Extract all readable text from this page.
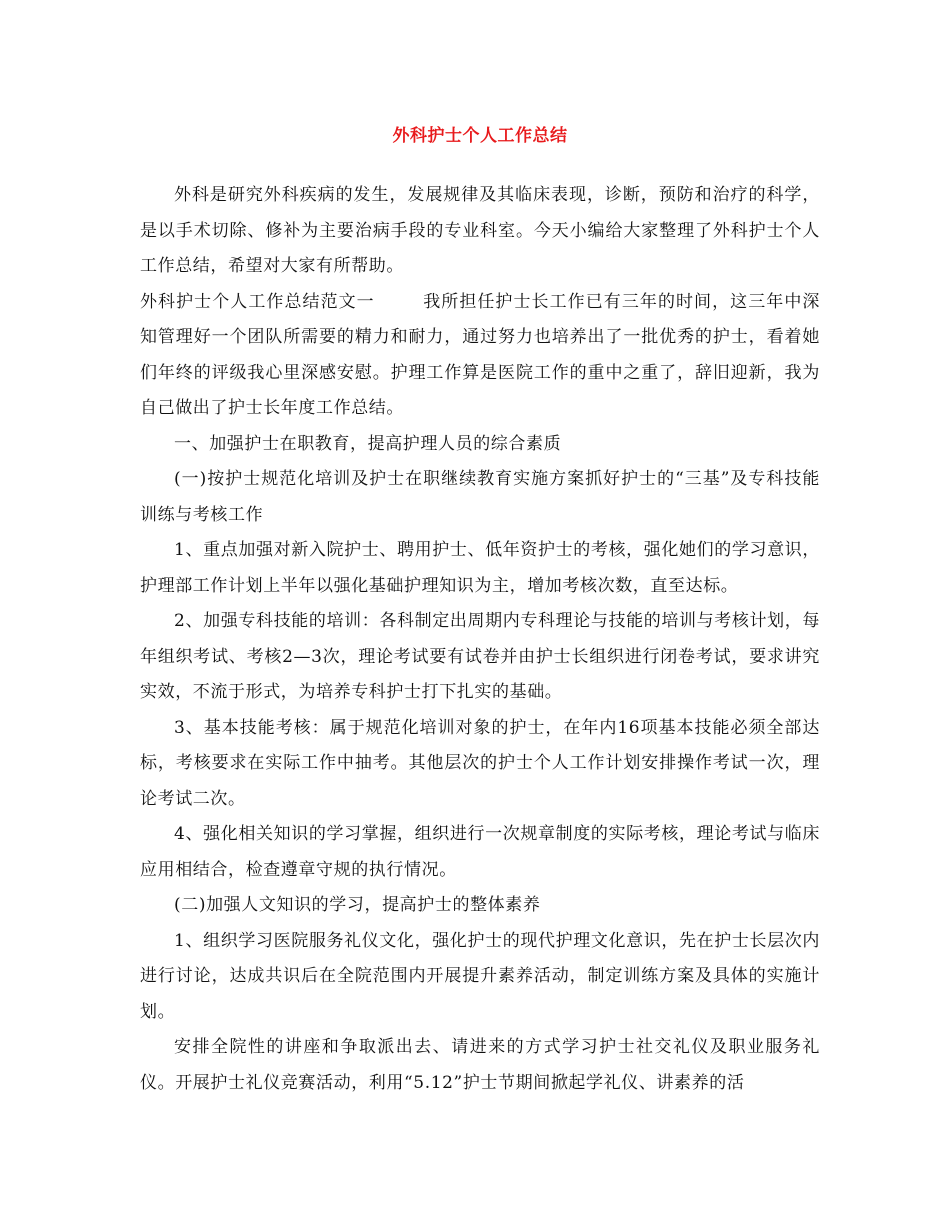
外科护士个人工作总结

外科是研究外科疾病的发生，发展规律及其临床表现，诊断，预防和治疗的科学，是以手术切除、修补为主要治病手段的专业科室。今天小编给大家整理了外科护士个人工作总结，希望对大家有所帮助。

外科护士个人工作总结范文一	我所担任护士长工作已有三年的时间，这三年中深知管理好一个团队所需要的精力和耐力，通过努力也培养出了一批优秀的护士，看着她们年终的评级我心里深感安慰。护理工作算是医院工作的重中之重了，辞旧迎新，我为自己做出了护士长年度工作总结。

一、加强护士在职教育，提高护理人员的综合素质

(一)按护士规范化培训及护士在职继续教育实施方案抓好护士的“三基”及专科技能训练与考核工作

1、重点加强对新入院护士、聘用护士、低年资护士的考核，强化她们的学习意识，护理部工作计划上半年以强化基础护理知识为主，增加考核次数，直至达标。

2、加强专科技能的培训：各科制定出周期内专科理论与技能的培训与考核计划，每年组织考试、考核2—3次，理论考试要有试卷并由护士长组织进行闭卷考试，要求讲究实效，不流于形式，为培养专科护士打下扎实的基础。

3、基本技能考核：属于规范化培训对象的护士，在年内16项基本技能必须全部达标，考核要求在实际工作中抽考。其他层次的护士个人工作计划安排操作考试一次，理论考试二次。

4、强化相关知识的学习掌握，组织进行一次规章制度的实际考核，理论考试与临床应用相结合，检查遵章守规的执行情况。

(二)加强人文知识的学习，提高护士的整体素养

1、组织学习医院服务礼仪文化，强化护士的现代护理文化意识，先在护士长层次内进行讨论，达成共识后在全院范围内开展提升素养活动，制定训练方案及具体的实施计划。

安排全院性的讲座和争取派出去、请进来的方式学习护士社交礼仪及职业服务礼仪。开展护士礼仪竞赛活动，利用“5.12”护士节期间掀起学礼仪、讲素养的活
